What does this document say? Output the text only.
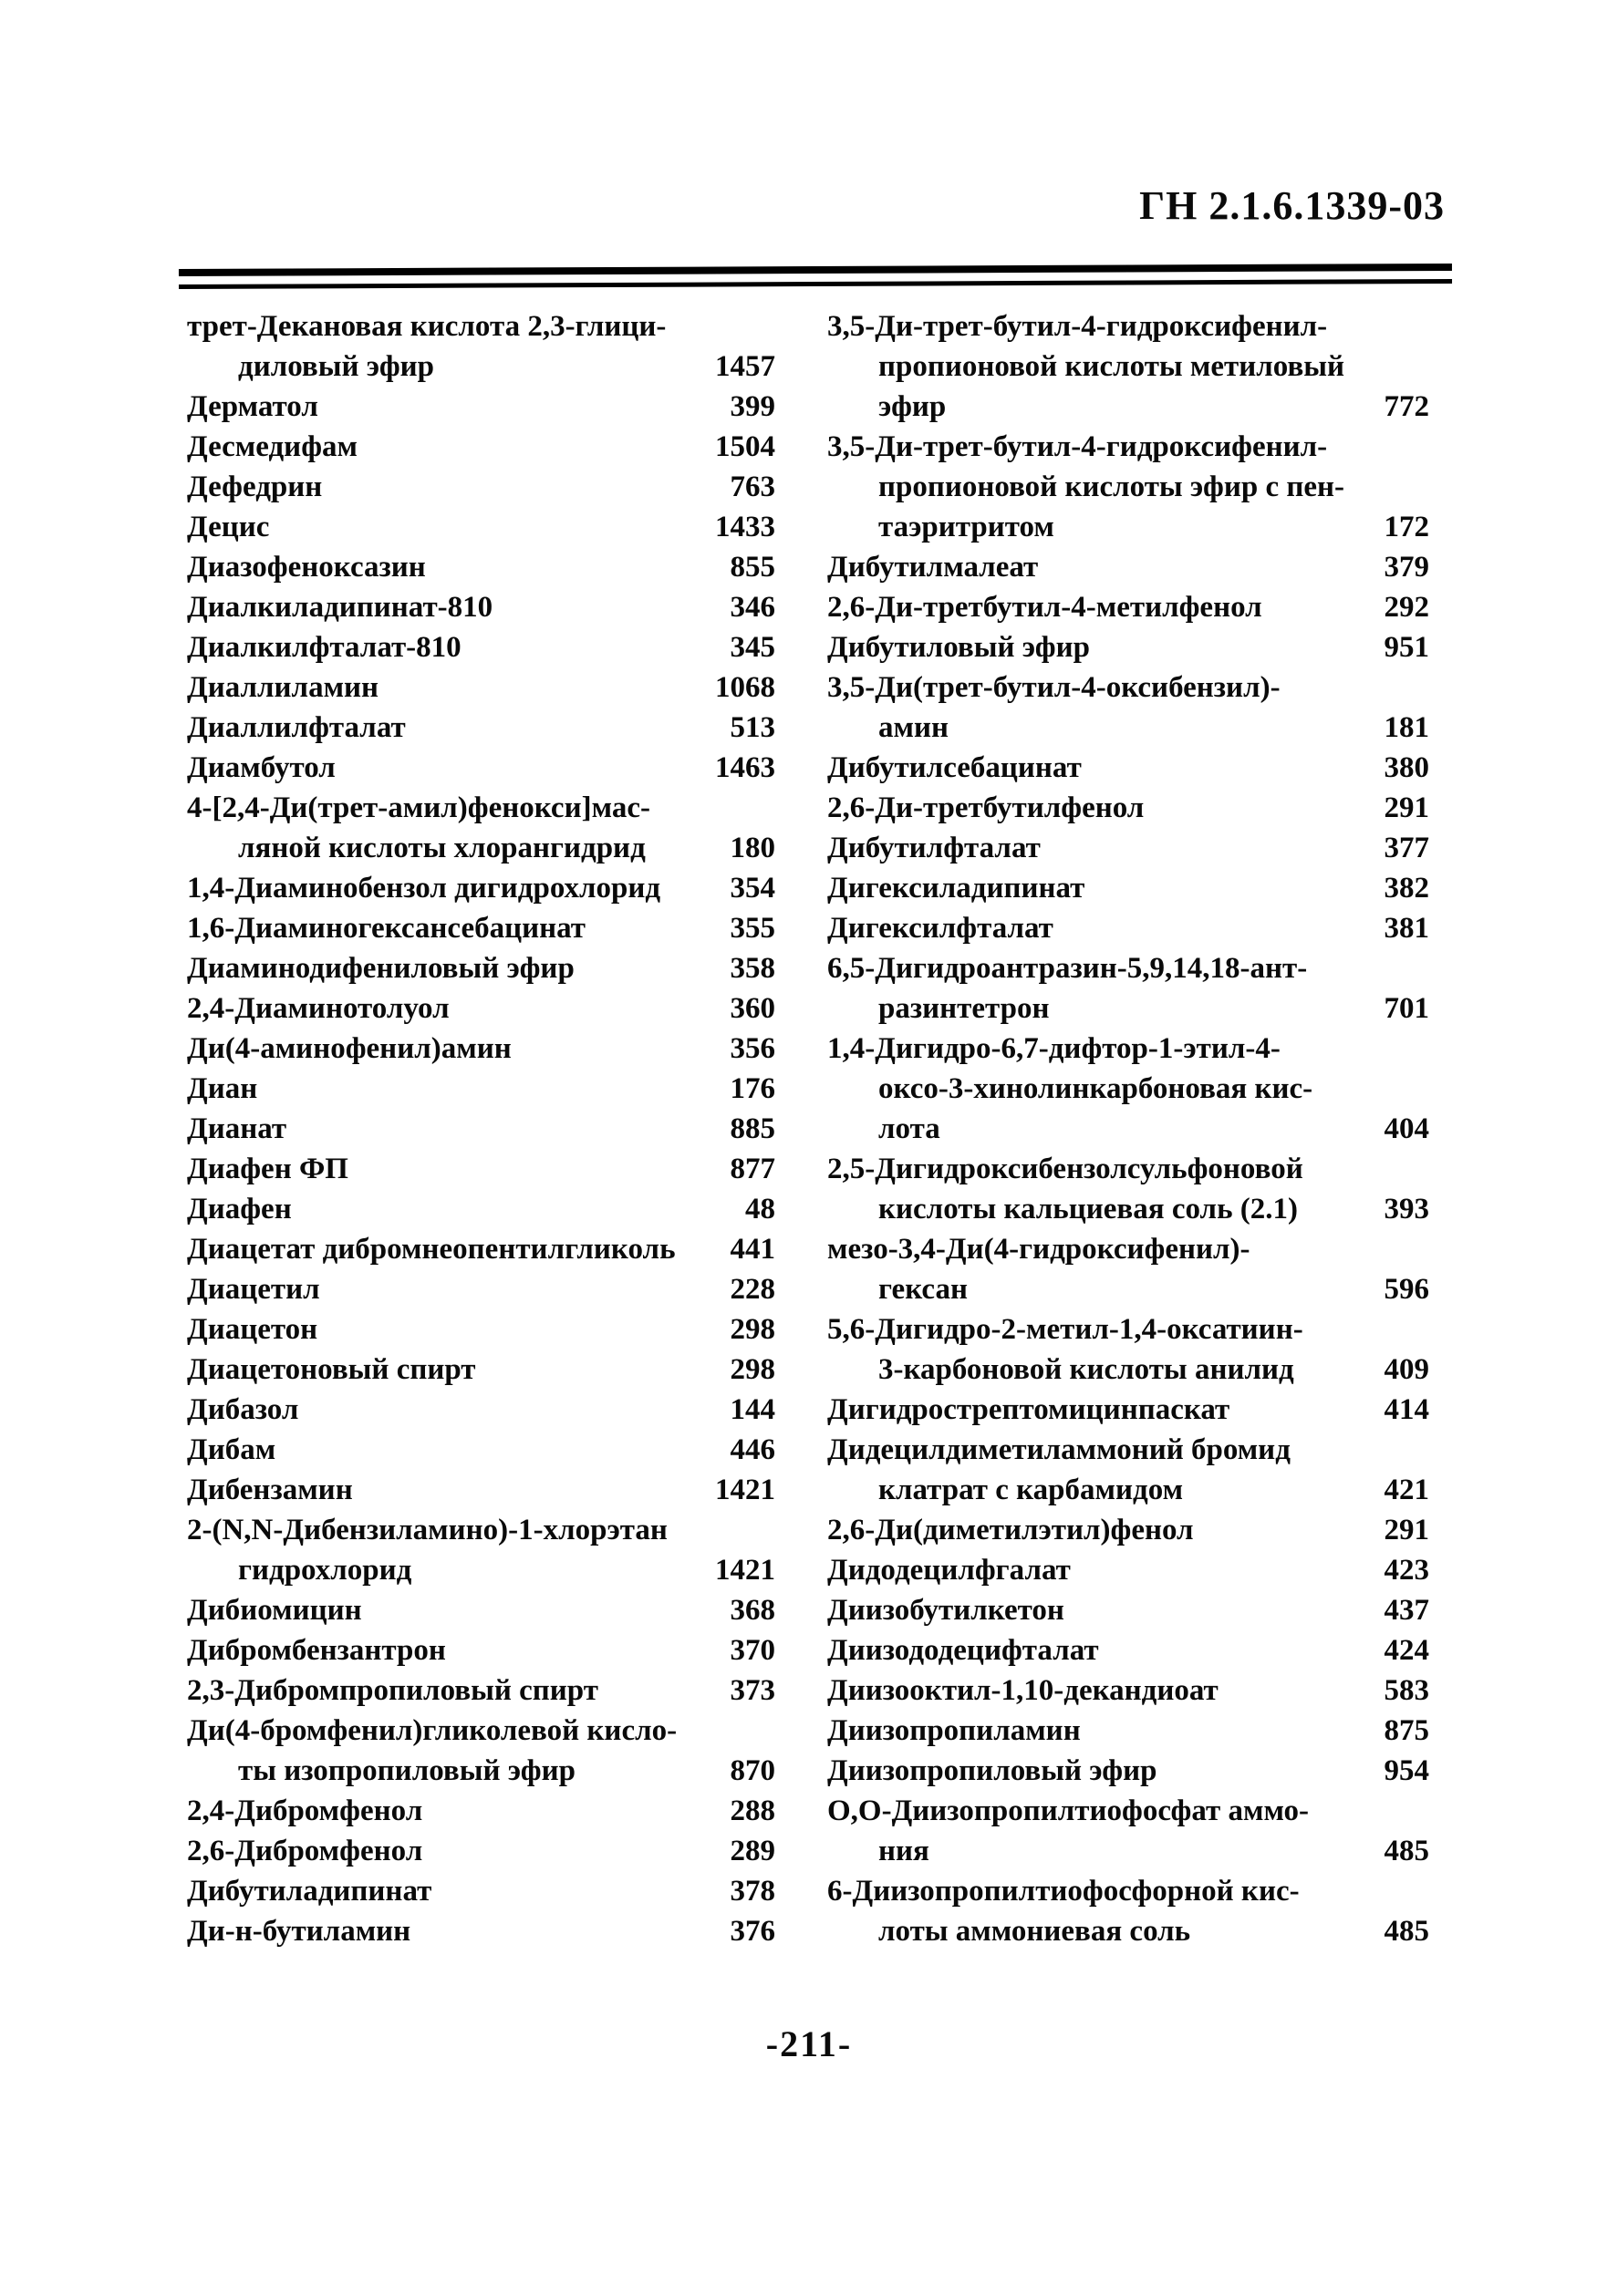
ГН 2.1.6.1339-03
трет-Декановая кислота 2,3-глици-
диловый эфир	1457
Дерматол	399
Десмедифам	1504
Дефедрин	763
Децис	1433
Диазофеноксазин	855
Диалкиладипинат-810	346
Диалкилфталат-810	345
Диаллиламин	1068
Диаллилфталат	513
Диамбутол	1463
4-[2,4-Ди(трет-амил)фенокси]мас-
ляной кислоты хлорангидрид	180
1,4-Диаминобензол дигидрохлорид	354
1,6-Диаминогексансебацинат	355
Диаминодифениловый эфир	358
2,4-Диаминотолуол	360
Ди(4-аминофенил)амин	356
Диан	176
Дианат	885
Диафен ФП	877
Диафен	48
Диацетат дибромнеопентилгликоль 441
Диацетил	228
Диацетон	298
Диацетоновый спирт	298
Дибазол	144
Дибам	446
Дибензамин	1421
2-(N,N-Дибензиламино)-1-хлорэтан
гидрохлорид	1421
Дибиомицин	368
Дибромбензантрон	370
2,3-Дибромпропиловый спирт	373
Ди(4-бромфенил)гликолевой кисло-
ты изопропиловый эфир	870
2,4-Дибромфенол	288
2,6-Дибромфенол	289
Дибутиладипинат	378
Ди-н-бутиламин	376
3,5-Ди-трет-бутил-4-гидроксифенил-
пропионовой кислоты метиловый
эфир	772
3,5-Ди-трет-бутил-4-гидроксифенил-
пропионовой кислоты эфир с пен-
таэритритом	172
Дибутилмалеат	379
2,6-Ди-третбутил-4-метилфенол	292
Дибутиловый эфир	951
3,5-Ди(трет-бутил-4-оксибензил)-
амин	181
Дибутилсебацинат	380
2,6-Ди-третбутилфенол	291
Дибутилфталат	377
Дигексиладипинат	382
Дигексилфталат	381
6,5-Дигидроантразин-5,9,14,18-ант-
разинтетрон	701
1,4-Дигидро-6,7-дифтор-1-этил-4-
оксо-3-хинолинкарбоновая кис-
лота	404
2,5-Дигидроксибензолсульфоновой
кислоты кальциевая соль (2.1)	393
мезо-3,4-Ди(4-гидроксифенил)-
гексан	596
5,6-Дигидро-2-метил-1,4-оксатиин-
3-карбоновой кислоты анилид	409
Дигидрострептомицинпаскат	414
Дидецилдиметиламмоний бромид
клатрат с карбамидом	421
2,6-Ди(диметилэтил)фенол	291
Дидодецилфгалат	423
Диизобутилкетон	437
Диизододецифталат	424
Диизооктил-1,10-декандиоат	583
Диизопропиламин	875
Диизопропиловый эфир	954
О,О-Диизопропилтиофосфат аммо-
ния	485
6-Диизопропилтиофосфорной кис-
лоты аммониевая соль	485
-211-
